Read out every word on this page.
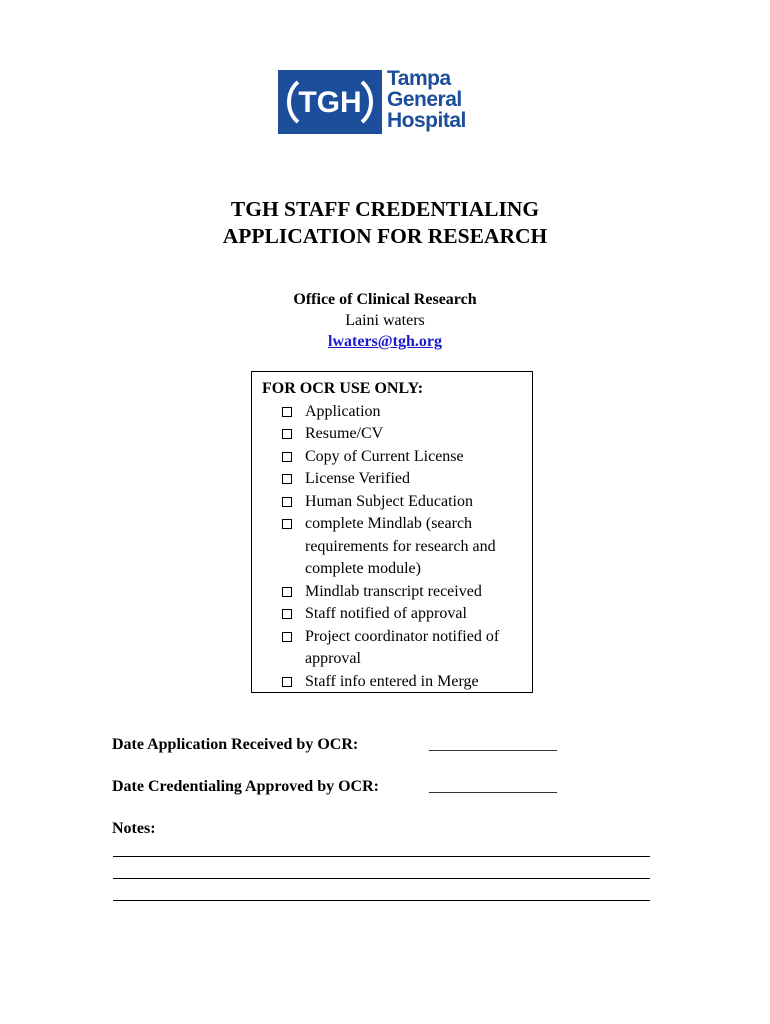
TGH
Tampa
General
Hospital
TGH STAFF CREDENTIALING
APPLICATION FOR RESEARCH
Office of Clinical Research
Laini waters
lwaters@tgh.org
FOR OCR USE ONLY:
Application
Resume/CV
Copy of Current License
License Verified
Human Subject Education
complete Mindlab (search requirements for research and complete module)
Mindlab transcript received
Staff notified of approval
Project coordinator notified of approval
Staff info entered in Merge
Date Application Received by OCR:	________________
Date Credentialing Approved by OCR:	________________
Notes:
